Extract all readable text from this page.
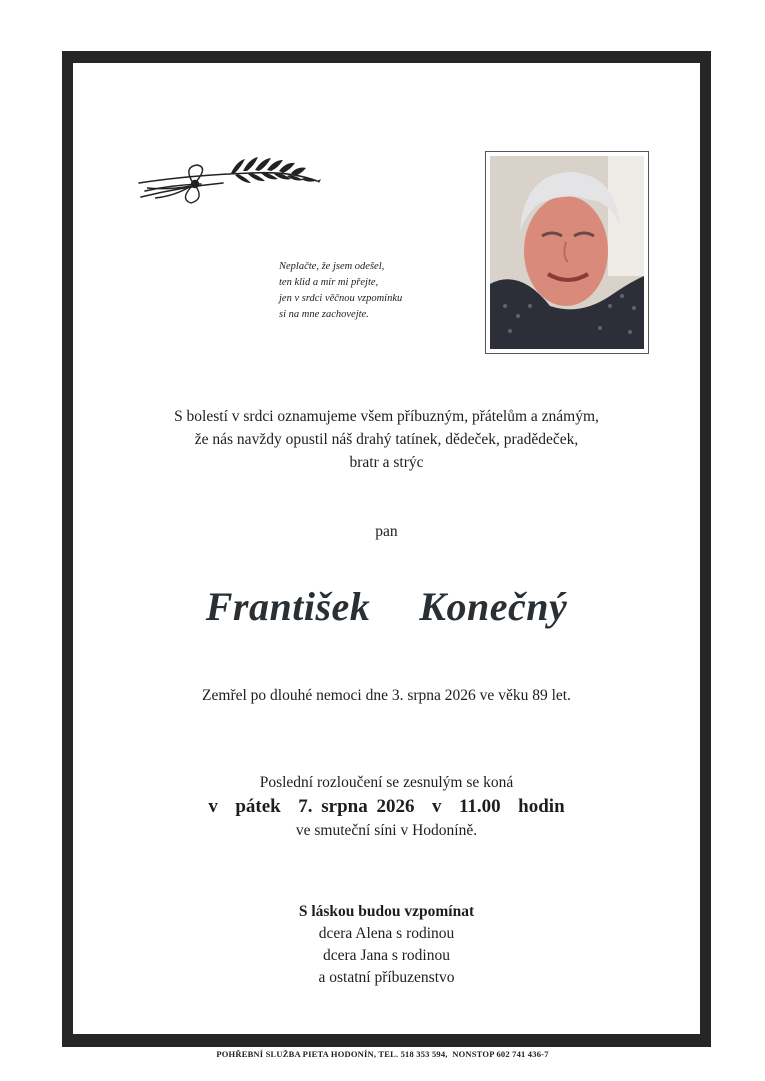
Neplačte, že jsem odešel,
ten klid a mír mi přejte,
jen v srdci věčnou vzpomínku
si na mne zachovejte.
S bolestí v srdci oznamujeme všem příbuzným, přátelům a známým,
že nás navždy opustil náš drahý tatínek, dědeček, pradědeček,
bratr a strýc
pan
František  Konečný
Zemřel po dlouhé nemoci dne 3. srpna 2026 ve věku 89 let.
Poslední rozloučení se zesnulým se koná
v  pátek  7. srpna 2026  v  11.00  hodin
ve smuteční síni v Hodoníně.
S láskou budou vzpomínat
dcera Alena s rodinou
dcera Jana s rodinou
a ostatní příbuzenstvo
POHŘEBNÍ SLUŽBA PIETA HODONÍN, TEL. 518 353 594,  NONSTOP 602 741 436-7
